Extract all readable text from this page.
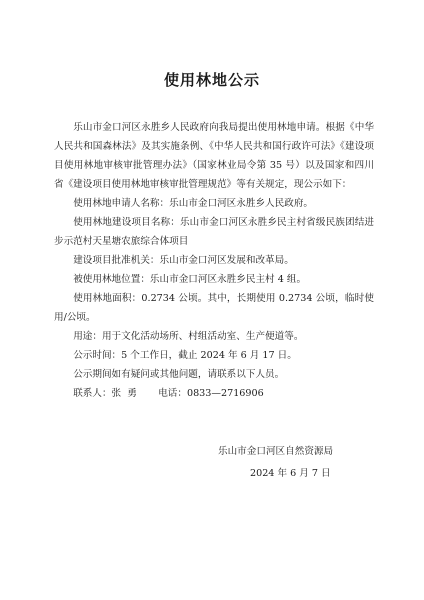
使用林地公示

乐山市金口河区永胜乡人民政府向我局提出使用林地申请。根据《中华人民共和国森林法》及其实施条例、《中华人民共和国行政许可法》《建设项目使用林地审核审批管理办法》（国家林业局令第 35 号）以及国家和四川省《建设项目使用林地审核审批管理规范》等有关规定，现公示如下：

使用林地申请人名称：乐山市金口河区永胜乡人民政府。

使用林地建设项目名称：乐山市金口河区永胜乡民主村省级民族团结进步示范村天星塘农旅综合体项目

建设项目批准机关：乐山市金口河区发展和改革局。

被使用林地位置：乐山市金口河区永胜乡民主村 4 组。

使用林地面积：0.2734 公顷。其中，长期使用 0.2734 公顷，临时使用/公顷。

用途：用于文化活动场所、村组活动室、生产便道等。

公示时间：5 个工作日，截止 2024 年 6 月 17 日。

公示期间如有疑问或其他问题，请联系以下人员。

联系人：张  勇       电话：0833—2716906

乐山市金口河区自然资源局
2024 年 6 月 7 日
